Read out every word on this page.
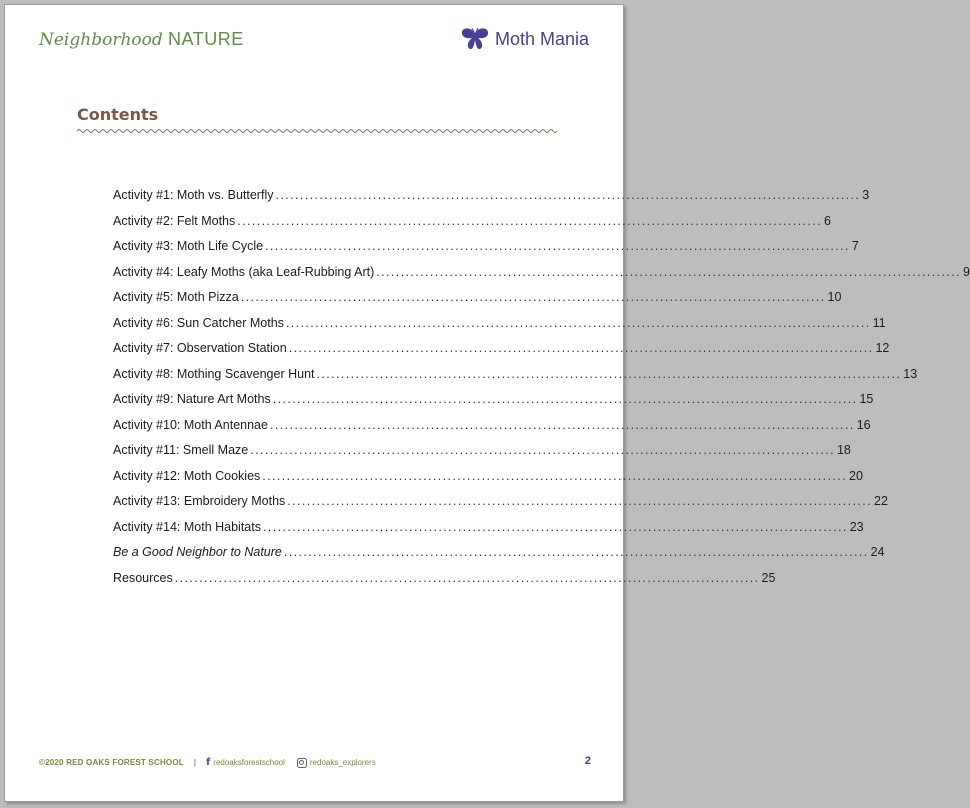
Neighborhood NATURE	Moth Mania
Contents
Activity #1: Moth vs. Butterfly ........................................................................................................................ 3
Activity #2: Felt Moths ........................................................................................................................ 6
Activity #3: Moth Life Cycle ........................................................................................................................ 7
Activity #4: Leafy Moths (aka Leaf-Rubbing Art) ........................................................................................................................ 9
Activity #5: Moth Pizza ........................................................................................................................ 10
Activity #6: Sun Catcher Moths ........................................................................................................................ 11
Activity #7: Observation Station ........................................................................................................................ 12
Activity #8: Mothing Scavenger Hunt ........................................................................................................................ 13
Activity #9: Nature Art Moths ........................................................................................................................ 15
Activity #10: Moth Antennae ........................................................................................................................ 16
Activity #11: Smell Maze ........................................................................................................................ 18
Activity #12: Moth Cookies ........................................................................................................................ 20
Activity #13: Embroidery Moths ........................................................................................................................ 22
Activity #14: Moth Habitats ........................................................................................................................ 23
Be a Good Neighbor to Nature ........................................................................................................................ 24
Resources ........................................................................................................................ 25
©2020 RED OAKS FOREST SCHOOL | f redoaksforestschool	redoaks_explorers	2
